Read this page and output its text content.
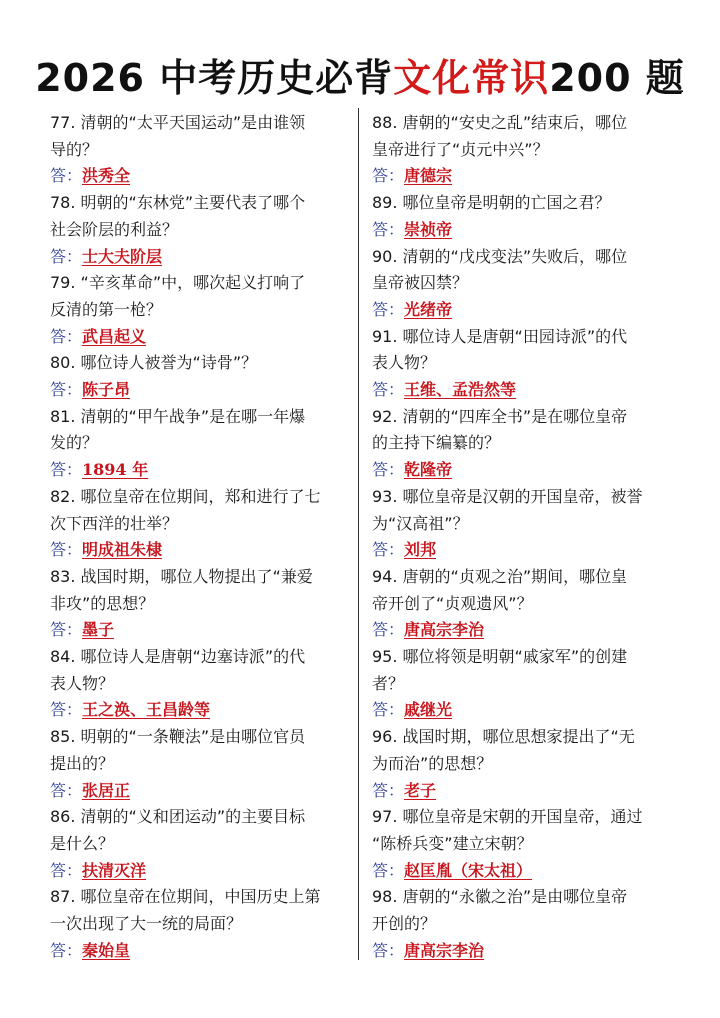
2026 中考历史必背文化常识200 题
77. 清朝的“太平天国运动”是由谁领
导的？
答：洪秀全
78. 明朝的“东林党”主要代表了哪个
社会阶层的利益？
答：士大夫阶层
79. “辛亥革命”中，哪次起义打响了
反清的第一枪？
答：武昌起义
80. 哪位诗人被誉为“诗骨”？
答：陈子昂
81. 清朝的“甲午战争”是在哪一年爆
发的？
答：1894 年
82. 哪位皇帝在位期间，郑和进行了七
次下西洋的壮举？
答：明成祖朱棣
83. 战国时期，哪位人物提出了“兼爱
非攻”的思想？
答：墨子
84. 哪位诗人是唐朝“边塞诗派”的代
表人物？
答：王之涣、王昌龄等
85. 明朝的“一条鞭法”是由哪位官员
提出的？
答：张居正
86. 清朝的“义和团运动”的主要目标
是什么？
答：扶清灭洋
87. 哪位皇帝在位期间，中国历史上第
一次出现了大一统的局面？
答：秦始皇
88. 唐朝的“安史之乱”结束后，哪位
皇帝进行了“贞元中兴”？
答：唐德宗
89. 哪位皇帝是明朝的亡国之君？
答：崇祯帝
90. 清朝的“戊戌变法”失败后，哪位
皇帝被囚禁？
答：光绪帝
91. 哪位诗人是唐朝“田园诗派”的代
表人物？
答：王维、孟浩然等
92. 清朝的“四库全书”是在哪位皇帝
的主持下编纂的？
答：乾隆帝
93. 哪位皇帝是汉朝的开国皇帝，被誉
为“汉高祖”？
答：刘邦
94. 唐朝的“贞观之治”期间，哪位皇
帝开创了“贞观遗风”？
答：唐高宗李治
95. 哪位将领是明朝“戚家军”的创建
者？
答：戚继光
96. 战国时期，哪位思想家提出了“无
为而治”的思想？
答：老子
97. 哪位皇帝是宋朝的开国皇帝，通过
“陈桥兵变”建立宋朝？
答：赵匡胤（宋太祖）
98. 唐朝的“永徽之治”是由哪位皇帝
开创的？
答：唐高宗李治
